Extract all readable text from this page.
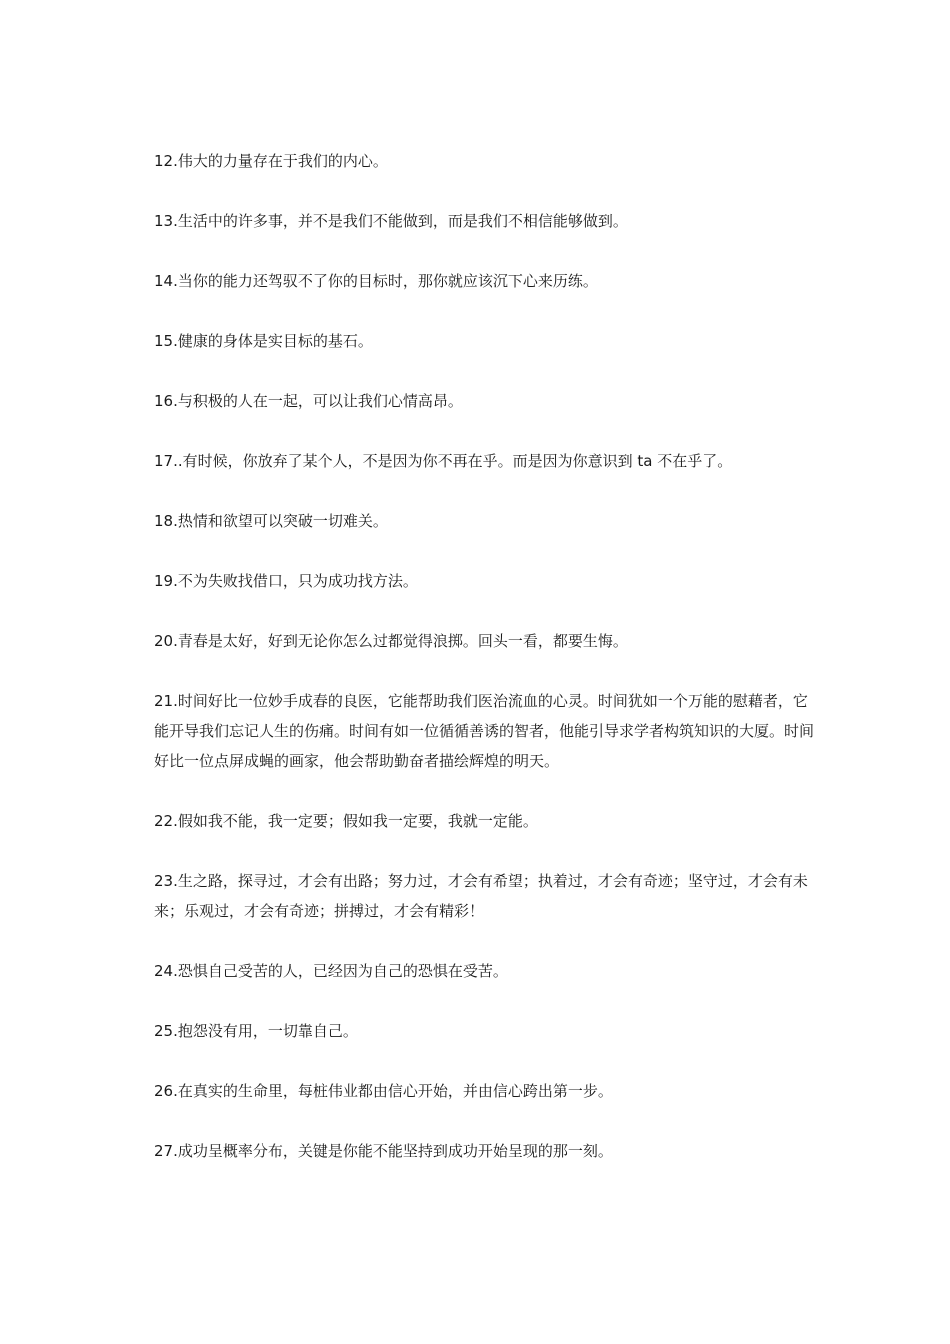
12.伟大的力量存在于我们的内心。

13.生活中的许多事，并不是我们不能做到，而是我们不相信能够做到。

14.当你的能力还驾驭不了你的目标时，那你就应该沉下心来历练。

15.健康的身体是实目标的基石。

16.与积极的人在一起，可以让我们心情高昂。

17..有时候，你放弃了某个人，不是因为你不再在乎。而是因为你意识到 ta 不在乎了。

18.热情和欲望可以突破一切难关。

19.不为失败找借口，只为成功找方法。

20.青春是太好，好到无论你怎么过都觉得浪掷。回头一看，都要生悔。

21.时间好比一位妙手成春的良医，它能帮助我们医治流血的心灵。时间犹如一个万能的慰藉者，它能开导我们忘记人生的伤痛。时间有如一位循循善诱的智者，他能引导求学者构筑知识的大厦。时间好比一位点屏成蝇的画家，他会帮助勤奋者描绘辉煌的明天。

22.假如我不能，我一定要；假如我一定要，我就一定能。

23.生之路，探寻过，才会有出路；努力过，才会有希望；执着过，才会有奇迹；坚守过，才会有未来；乐观过，才会有奇迹；拼搏过，才会有精彩！

24.恐惧自己受苦的人，已经因为自己的恐惧在受苦。

25.抱怨没有用，一切靠自己。

26.在真实的生命里，每桩伟业都由信心开始，并由信心跨出第一步。

27.成功呈概率分布，关键是你能不能坚持到成功开始呈现的那一刻。
